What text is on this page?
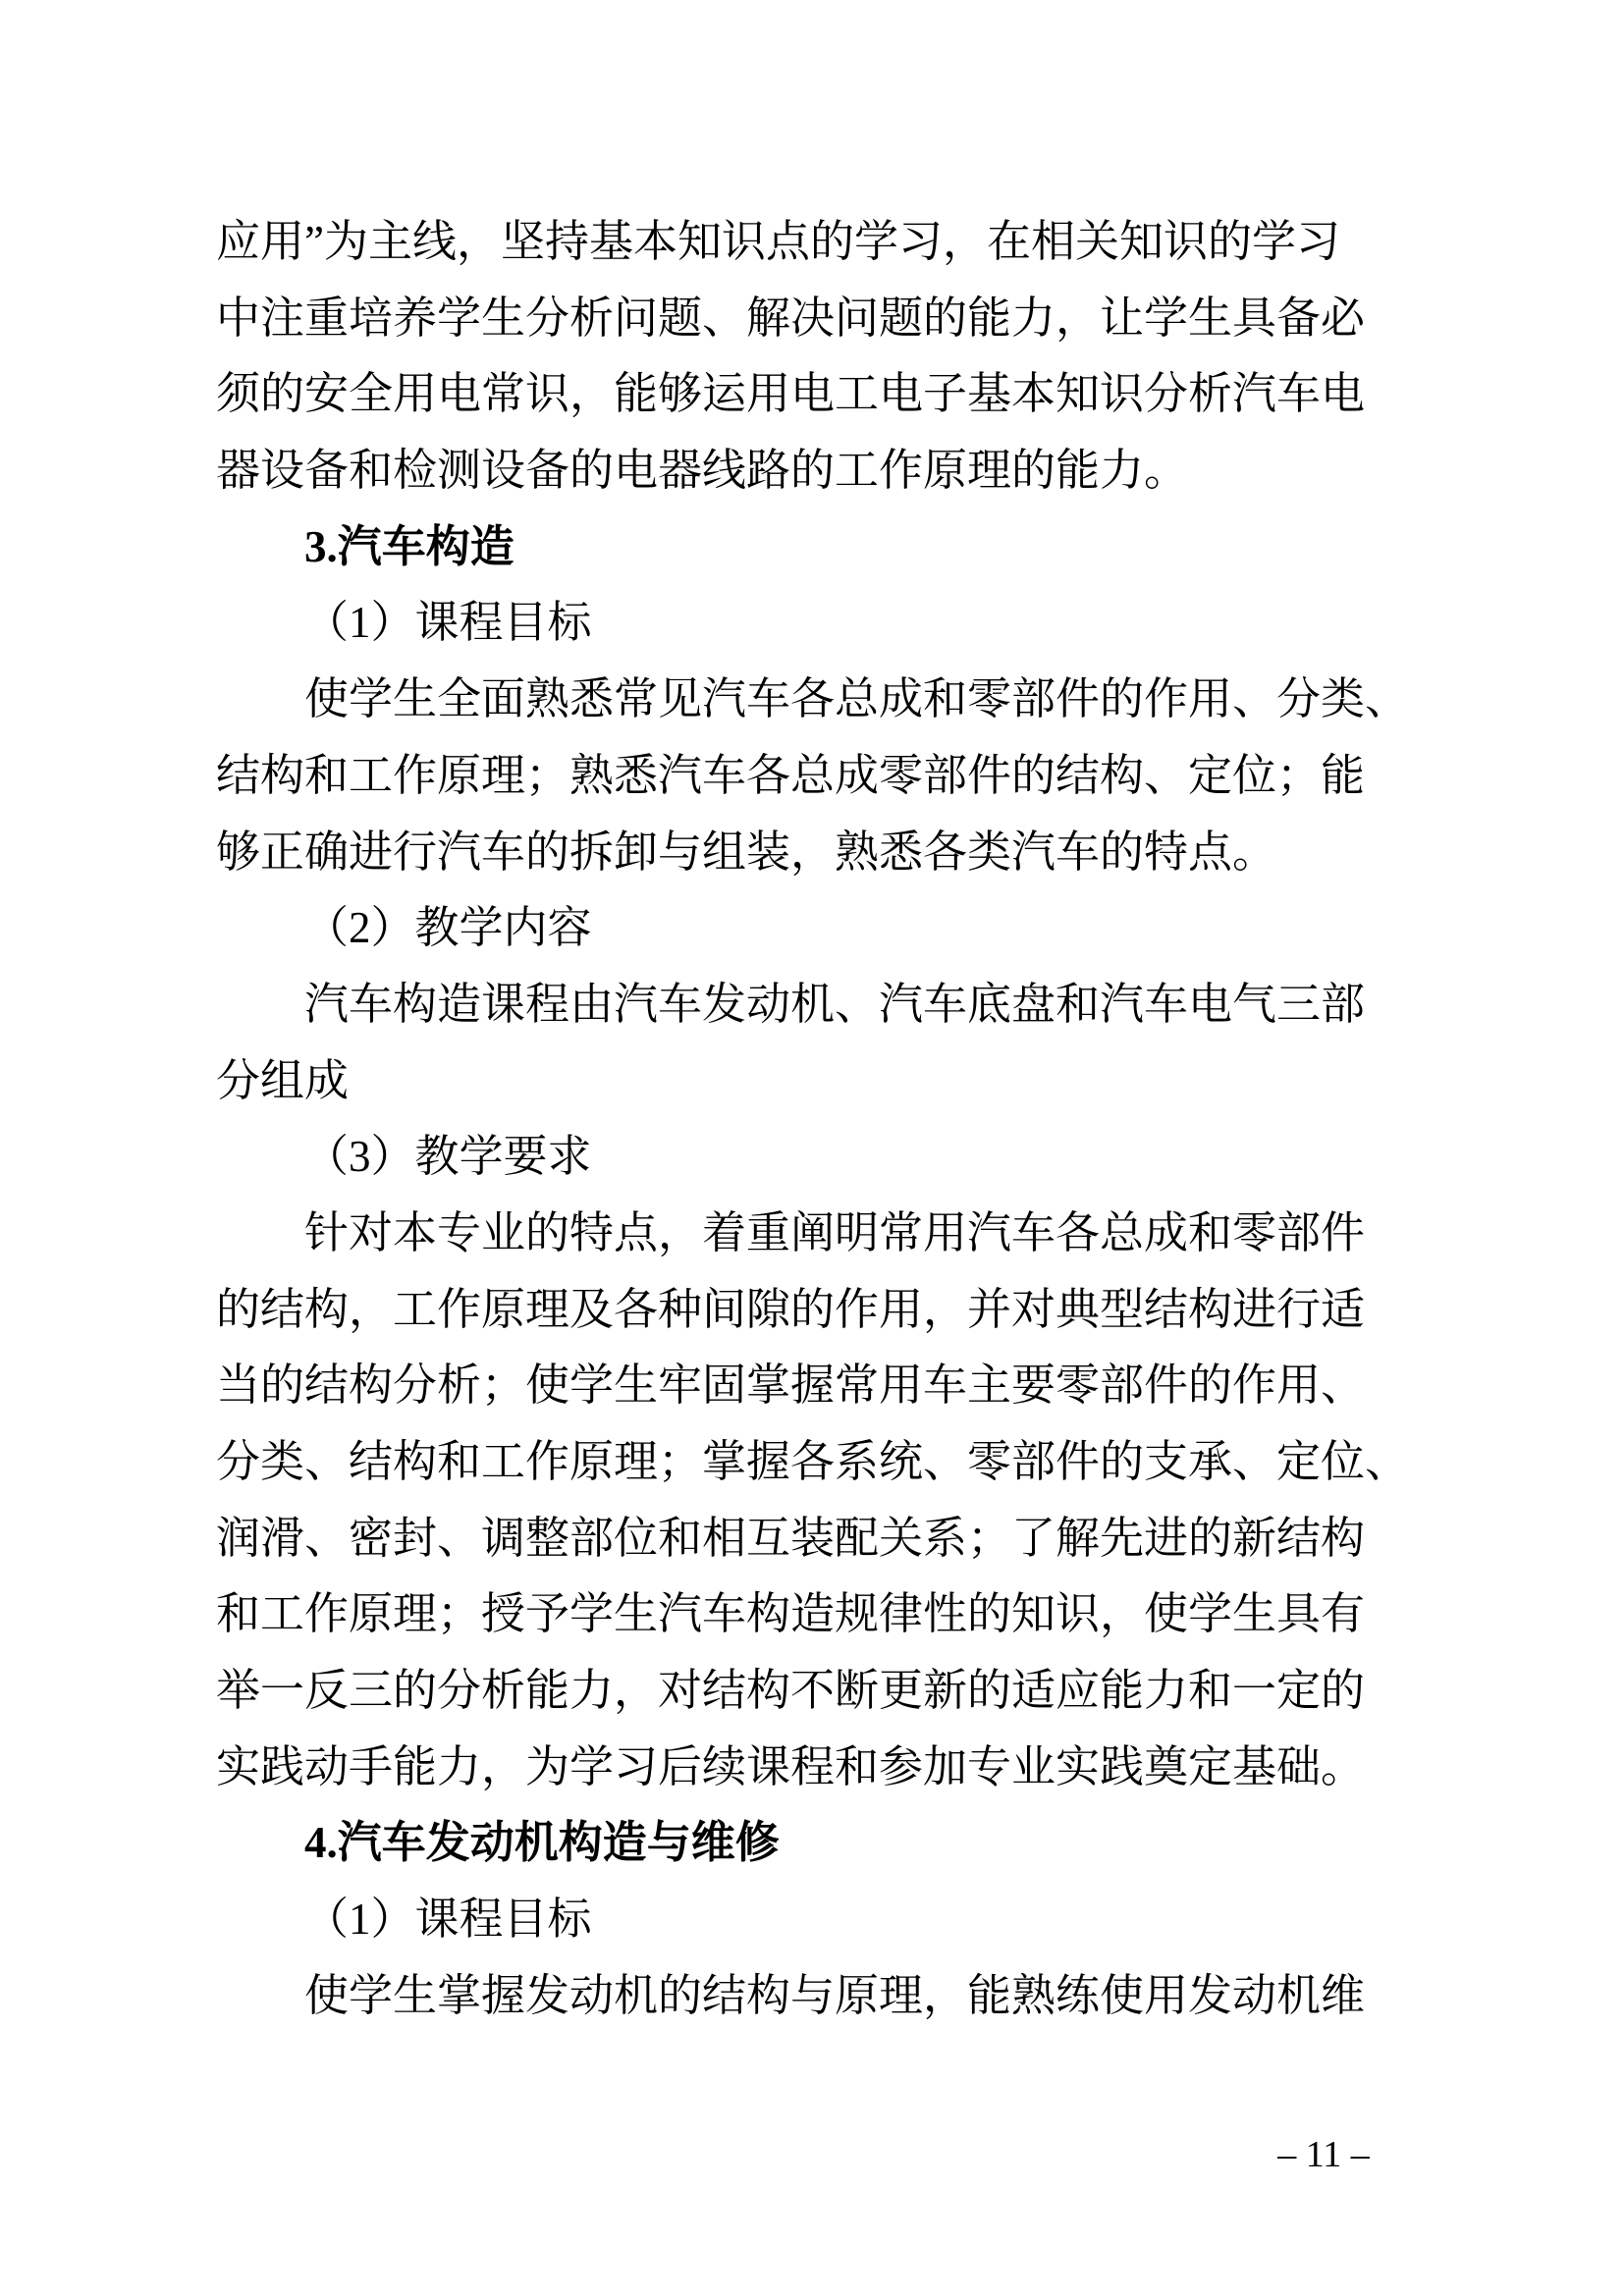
应用”为主线，坚持基本知识点的学习，在相关知识的学习
中注重培养学生分析问题、解决问题的能力，让学生具备必
须的安全用电常识，能够运用电工电子基本知识分析汽车电
器设备和检测设备的电器线路的工作原理的能力。
3.汽车构造
（1）课程目标
使学生全面熟悉常见汽车各总成和零部件的作用、分类、
结构和工作原理；熟悉汽车各总成零部件的结构、定位；能
够正确进行汽车的拆卸与组装，熟悉各类汽车的特点。
（2）教学内容
汽车构造课程由汽车发动机、汽车底盘和汽车电气三部
分组成
（3）教学要求
针对本专业的特点，着重阐明常用汽车各总成和零部件
的结构，工作原理及各种间隙的作用，并对典型结构进行适
当的结构分析；使学生牢固掌握常用车主要零部件的作用、
分类、结构和工作原理；掌握各系统、零部件的支承、定位、
润滑、密封、调整部位和相互装配关系；了解先进的新结构
和工作原理；授予学生汽车构造规律性的知识，使学生具有
举一反三的分析能力，对结构不断更新的适应能力和一定的
实践动手能力，为学习后续课程和参加专业实践奠定基础。
4.汽车发动机构造与维修
（1）课程目标
使学生掌握发动机的结构与原理，能熟练使用发动机维
– 11 –
